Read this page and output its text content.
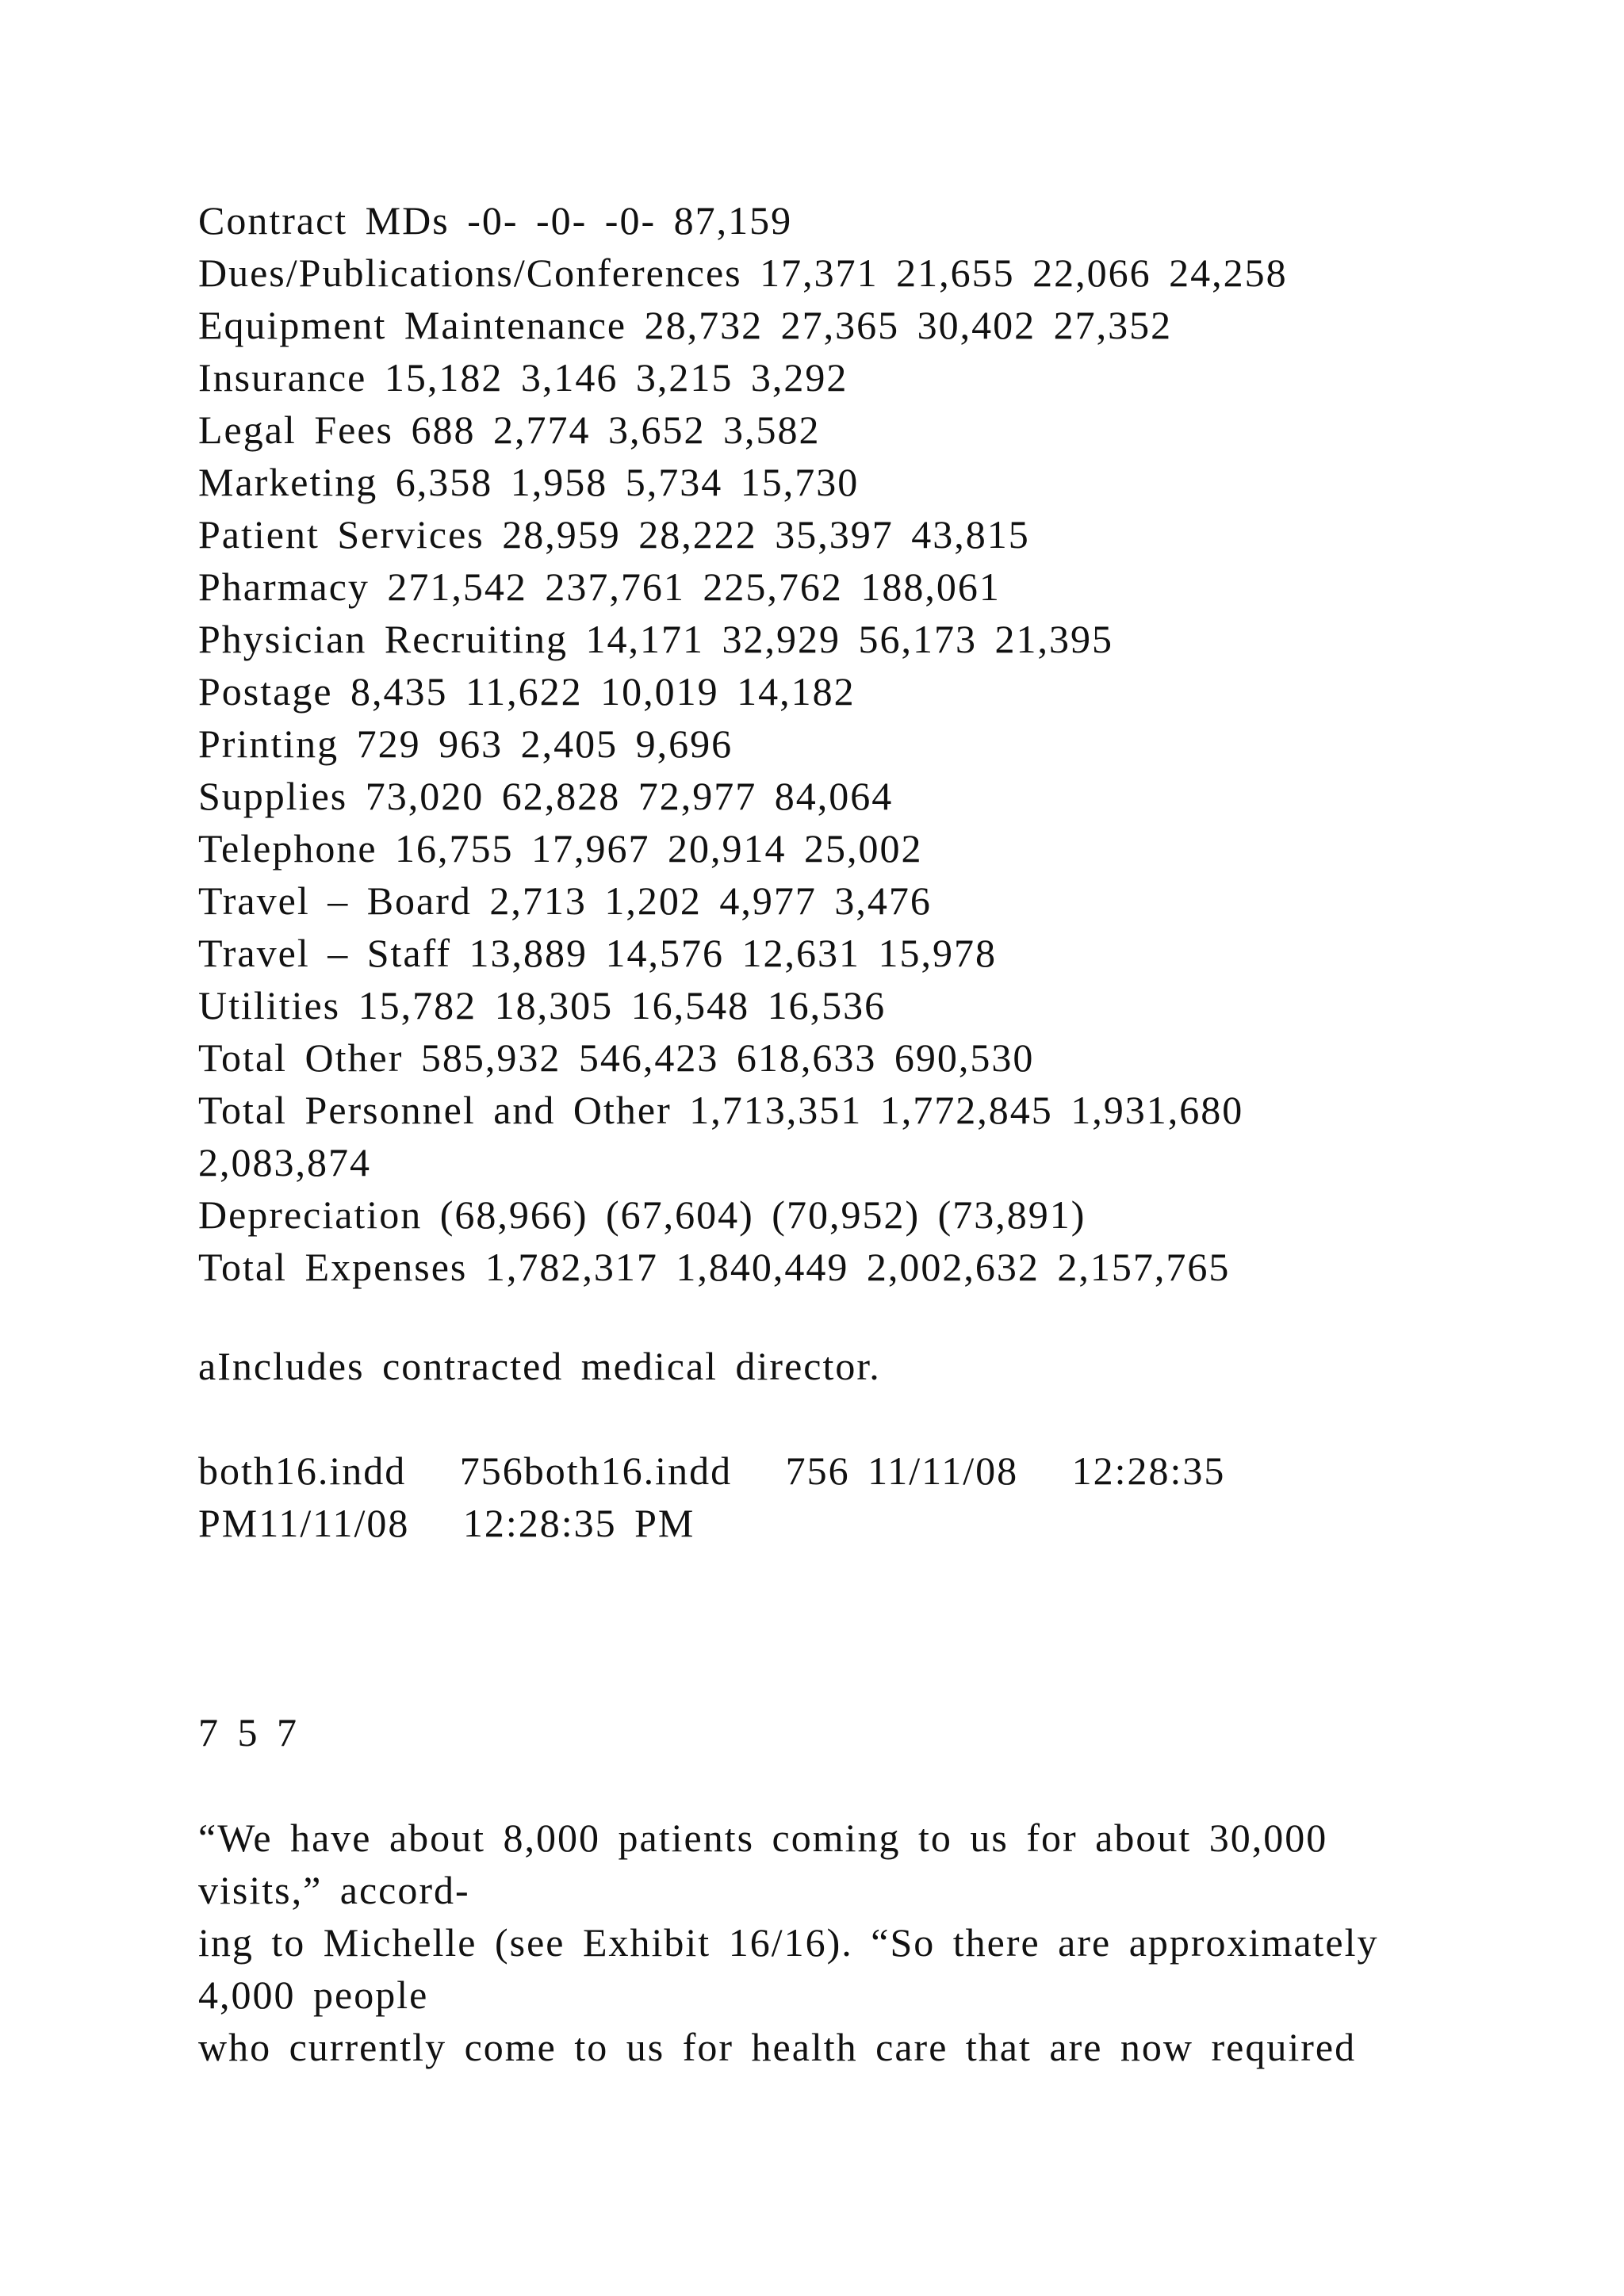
Contract MDs -0- -0- -0- 87,159
Dues/Publications/Conferences 17,371 21,655 22,066 24,258
Equipment Maintenance 28,732 27,365 30,402 27,352
Insurance 15,182 3,146 3,215 3,292
Legal Fees 688 2,774 3,652 3,582
Marketing 6,358 1,958 5,734 15,730
Patient Services 28,959 28,222 35,397 43,815
Pharmacy 271,542 237,761 225,762 188,061
Physician Recruiting 14,171 32,929 56,173 21,395
Postage 8,435 11,622 10,019 14,182
Printing 729 963 2,405 9,696
Supplies 73,020 62,828 72,977 84,064
Telephone 16,755 17,967 20,914 25,002
Travel – Board 2,713 1,202 4,977 3,476
Travel – Staff 13,889 14,576 12,631 15,978
Utilities 15,782 18,305 16,548 16,536
Total Other 585,932 546,423 618,633 690,530
Total Personnel and Other 1,713,351 1,772,845 1,931,680
2,083,874
Depreciation (68,966) (67,604) (70,952) (73,891)
Total Expenses 1,782,317 1,840,449 2,002,632 2,157,765
aIncludes contracted medical director.
both16.indd   756both16.indd   756 11/11/08   12:28:35
PM11/11/08   12:28:35 PM
7 5 7
“We have about 8,000 patients coming to us for about 30,000
visits,” accord-
ing to Michelle (see Exhibit 16/16). “So there are approximately
4,000 people
who currently come to us for health care that are now required
